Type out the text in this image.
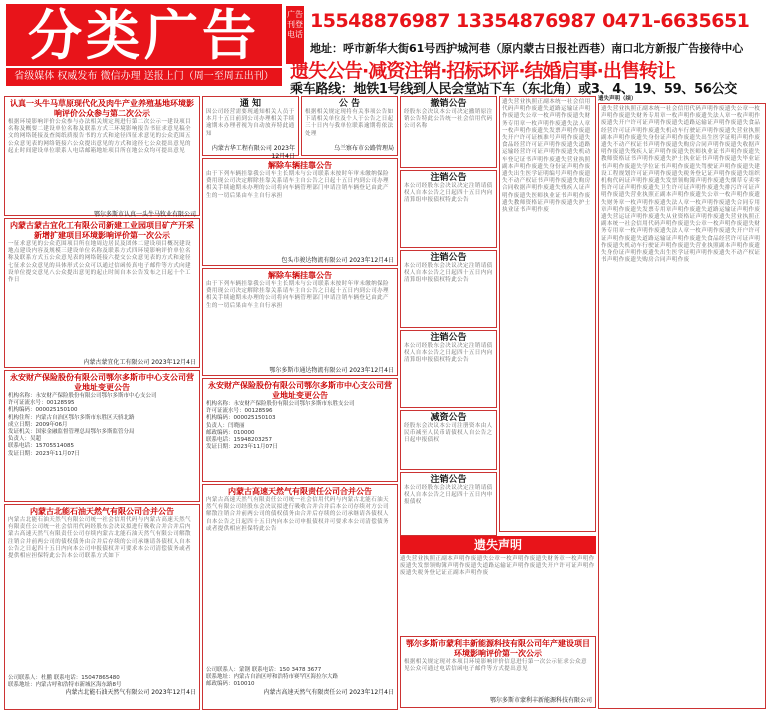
分类广告
省级媒体 权威发布 微信办理 送报上门（周一至周五出刊）
广告刊登电话
15548876987 13354876987 0471-6635651
地址：呼市新华大街61号西护城河巷（原内蒙古日报社西巷）南口北方新报广告接待中心
遗失公告·减资注销·招标环评·结婚启事·出售转让
乘车路线：地铁1号线到人民会堂站下车（东北角）或3、4、19、59、56公交
认真一头牛马草原现代化及肉牛产业养殖基地环境影响评价公众参与第二次公示
根据环境影响评价公众参与办法相关规定现进行第二次公示一建设项目名称及概要二建设单位名称及联系方式三环境影响报告书征求意见稿全文的网络链接及查阅纸质报告书的方式和途径四征求意见的公众范围五公众意见表的网络链接六公众提出意见的方式和途径七公众提出意见的起止时间建设单位联系人电话邮箱地址项目所在地公众均可提出意见
鄂尔多斯市认真一头牛马牧业有限公司
内蒙古蒙古宜化工有限公司新建工业园项目矿产开采新增扩建项目环境影响评价第一次公示
一征求意见的公众范围项目所在地周边居民及团体二建设项目概况建设地点建设内容及规模三建设单位名称及联系方式四环境影响评价单位名称及联系方式五公众意见表的网络链接六提交公众意见表的方式和途径七征求公众意见的具体形式公众可以通过信函传真电子邮件等方式向建设单位提交意见八公众提出意见的起止时间自本公告发布之日起十个工作日
内蒙古蒙宜化工有限公司 2023年12月4日
永安财产保险股份有限公司鄂尔多斯市中心支公司营业地址变更公告
机构名称：永安财产保险股份有限公司鄂尔多斯市中心支公司
许可证流水号：00128595
机构编码：000025150100
机构住所：内蒙古自治区鄂尔多斯市东胜区天骄北路
成立日期：2009年06月
发证机关：国家金融监督管理总局鄂尔多斯监管分局
负责人：吴超
联系电话：15705514085
发证日期：2023年11月07日
内蒙古北能石油天然气有限公司合并公告
内蒙古北能石油天然气有限公司统一社会信用代码与内蒙古高速天然气有限责任公司统一社会信用代码经股东会决议拟进行吸收合并合并后内蒙古高速天然气有限责任公司存续内蒙古北能石油天然气有限公司解散注销合并前两公司的债权债务由合并后存续的公司承继请各债权人自本公告之日起四十五日内向本公司申报债权并可要求本公司清偿债务或者提供相应担保特此公告本公司联系方式如下
公司联系人：杜鹏 联系电话：15047865480
联系地址：内蒙古呼和浩特市新城区海东路8号
内蒙古北能石油天然气有限公司 2023年12月4日
通 知
因公司经营需要现通知相关人员于本月十五日前到公司办理相关手续逾期未办理者视为自动放弃特此通知
内蒙古华工程有限公司 2023年12月4日
公 告
根据相关规定现将有关事项公告如下请相关单位及个人于公告之日起三十日内与我单位联系逾期将依法处理
乌兰察布市公路管理局
解除车辆挂靠公告
由于下列车辆挂靠我公司车主长期未与公司联系未按时年审未缴纳保险费用现公司决定解除挂靠关系请车主自公告之日起十五日内到公司办理相关手续逾期未办理的公司将向车辆管理部门申请注销车辆登记由此产生的一切后果由车主自行承担
包头市骏达物流有限公司 2023年12月4日
解除车辆挂靠公告
由于下列车辆挂靠我公司车主长期未与公司联系未按时年审未缴纳保险费用现公司决定解除挂靠关系请车主自公告之日起十五日内到公司办理相关手续逾期未办理的公司将向车辆管理部门申请注销车辆登记由此产生的一切后果由车主自行承担
鄂尔多斯市通达物流有限公司 2023年12月4日
永安财产保险股份有限公司鄂尔多斯市中心支公司营业地址变更公告
机构名称：永安财产保险股份有限公司鄂尔多斯市东胜支公司
许可证流水号：00128596
机构编码：000025150103
负责人：闫晓丽
邮政编码：010000
联系电话：15948203257
发证日期：2023年11月07日
内蒙古高速天然气有限责任公司合并公告
内蒙古高速天然气有限责任公司统一社会信用代码与内蒙古北能石油天然气有限公司经股东会决议拟进行吸收合并合并后本公司存续对方公司解散注销合并前两公司的债权债务由合并后存续的公司承继请各债权人自本公告之日起四十五日内向本公司申报债权并可要求本公司清偿债务或者提供相应担保特此公告
公司联系人：蒙钢 联系电话：150 3478 3677
联系地址：内蒙古自治区呼和浩特市赛罕区海拉尔大路
邮政编码：010010
内蒙古高速天然气有限责任公司 2023年12月4日
撤销公告
经股东会决议本公司决定撤销原注销公告特此公告统一社会信用代码公司名称
注销公告
本公司经股东会决议决定注销请债权人自本公告之日起四十五日内向清算组申报债权特此公告
注销公告
本公司经股东会决议决定注销请债权人自本公告之日起四十五日内向清算组申报债权特此公告
注销公告
本公司经股东会决议决定注销请债权人自本公告之日起四十五日内向清算组申报债权特此公告
减资公告
经股东会决议本公司注册资本由人民币减至人民币请债权人自公告之日起申报债权
注销公告
本公司经股东会决议决定注销请债权人自本公告之日起四十五日内申报债权
遗失营业执照正副本统一社会信用代码声明作废遗失道路运输证声明作废遗失公章一枚声明作废遗失财务专用章一枚声明作废遗失法人章一枚声明作废遗失发票声明作废遗失开户许可证核准号声明作废遗失食品经营许可证声明作废遗失道路运输经营许可证声明作废遗失机动车登记证书声明作废遗失营业执照副本声明作废遗失身份证声明作废遗失出生医学证明编号声明作废遗失不动产权证书声明作废遗失购房合同收据声明作废遗失残疾人证声明作废遗失医师执业证书声明作废遗失教师资格证声明作废遗失护士执业证书声明作废
遗失声明
遗失营业执照正副本声明作废遗失公章一枚声明作废遗失财务章一枚声明作废遗失发票领购簿声明作废遗失道路运输证声明作废遗失开户许可证声明作废遗失税务登记证正副本声明作废
鄂尔多斯市蒙利丰新能源科技有限公司年产建设项目环境影响评价第一次公示
根据相关规定现对本项目环境影响评价信息进行第一次公示征求公众意见公众可通过电话信函电子邮件等方式提出意见
鄂尔多斯市蒙利丰新能源科技有限公司
遗失声明（续）
遗失营业执照正副本统一社会信用代码声明作废遗失公章一枚声明作废遗失财务专用章一枚声明作废遗失法人章一枚声明作废遗失开户许可证声明作废遗失道路运输证声明作废遗失食品经营许可证声明作废遗失机动车行驶证声明作废遗失营业执照副本声明作废遗失身份证声明作废遗失出生医学证明声明作废遗失不动产权证书声明作废遗失购房合同声明作废遗失收据声明作废遗失残疾人证声明作废遗失医师执业证书声明作废遗失教师资格证书声明作废遗失护士执业证书声明作废遗失毕业证书声明作废遗失学位证书声明作废遗失驾驶证声明作废遗失建设工程规划许可证声明作废遗失税务登记证声明作废遗失组织机构代码证声明作废遗失发票领购簿声明作废遗失烟草专卖零售许可证声明作废遗失卫生许可证声明作废遗失排污许可证声明作废遗失营业执照正副本声明作废遗失公章一枚声明作废遗失财务章一枚声明作废遗失法人章一枚声明作废遗失合同专用章声明作废遗失发票专用章声明作废遗失道路运输证声明作废遗失营运证声明作废遗失从业资格证声明作废遗失营业执照正副本统一社会信用代码声明作废遗失公章一枚声明作废遗失财务专用章一枚声明作废遗失法人章一枚声明作废遗失开户许可证声明作废遗失道路运输证声明作废遗失食品经营许可证声明作废遗失机动车行驶证声明作废遗失营业执照副本声明作废遗失身份证声明作废遗失出生医学证明声明作废遗失不动产权证书声明作废遗失购房合同声明作废
